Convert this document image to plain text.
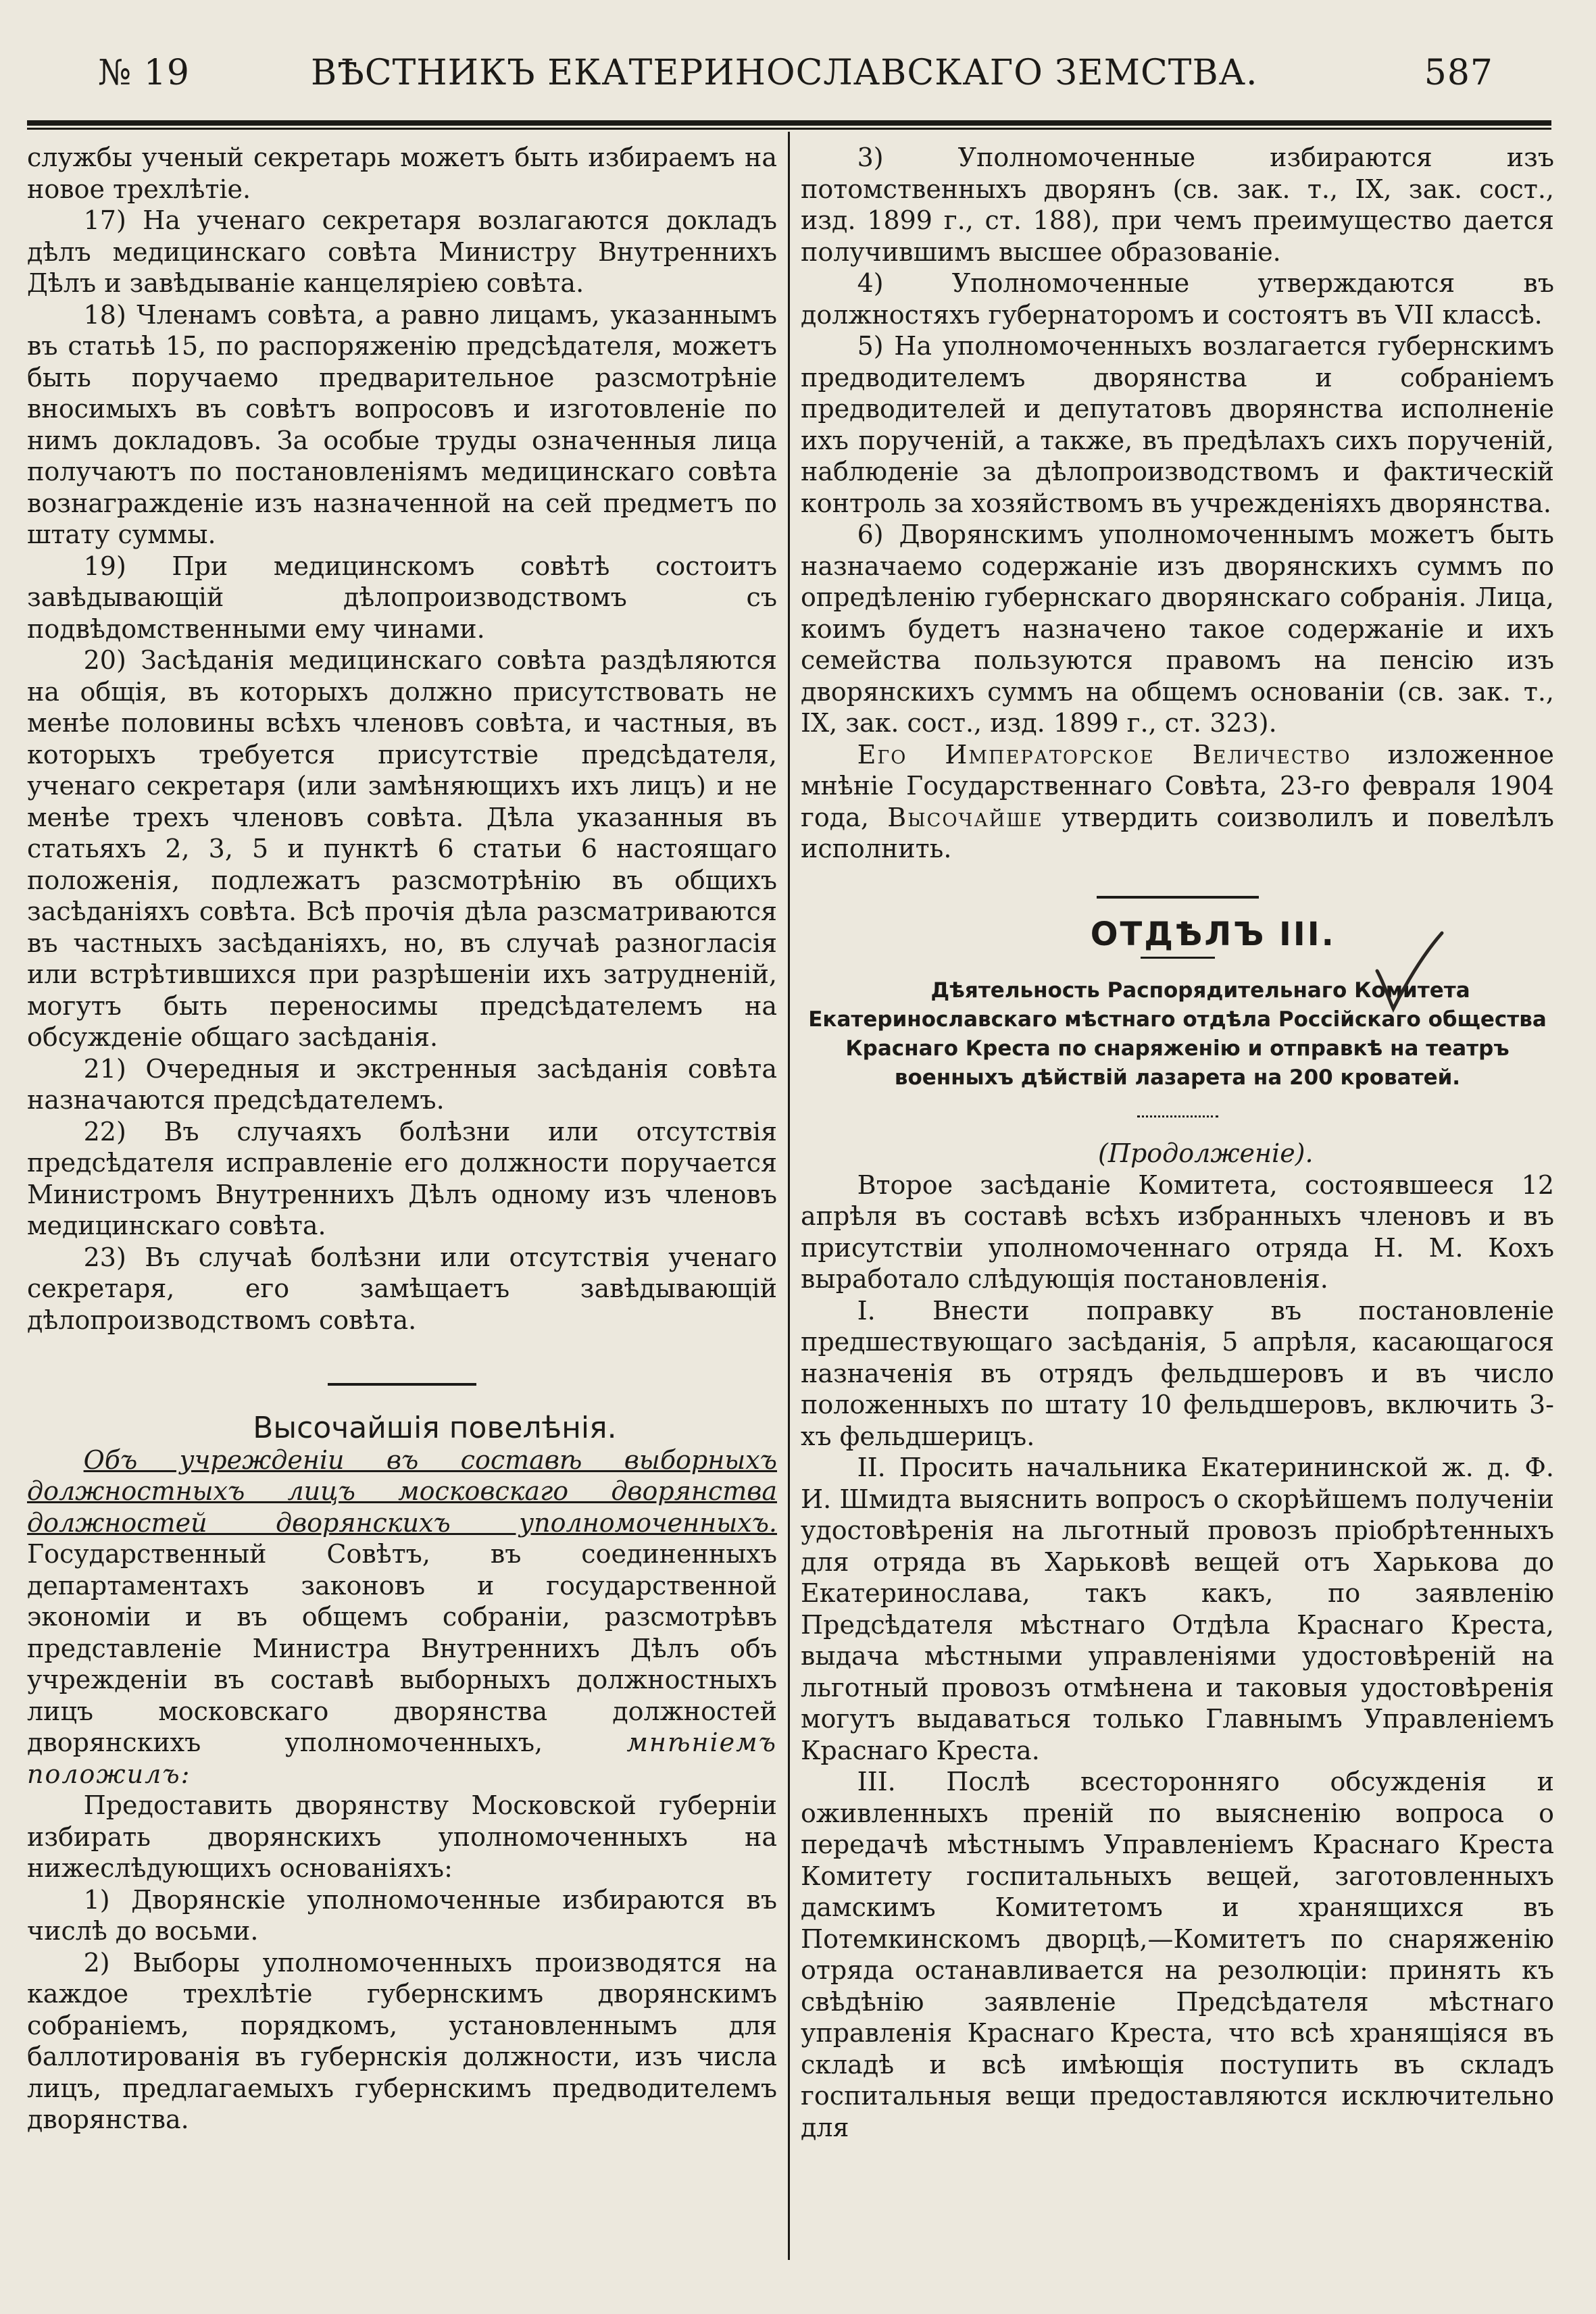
№ 19	ВѢСТНИКЪ ЕКАТЕРИНОСЛАВСКАГО ЗЕМСТВА.	587

службы ученый секретарь можетъ быть избираемъ на новое трехлѣтіе.

17) На ученаго секретаря возлагаются докладъ дѣлъ медицинскаго совѣта Министру Внутреннихъ Дѣлъ и завѣдываніе канцеляріею совѣта.

18) Членамъ совѣта, а равно лицамъ, указаннымъ въ статьѣ 15, по распоряженію предсѣдателя, можетъ быть поручаемо предварительное разсмотрѣніе вносимыхъ въ совѣтъ вопросовъ и изготовленіе по нимъ докладовъ. За особые труды означенныя лица получаютъ по постановленіямъ медицинскаго совѣта вознагражденіе изъ назначенной на сей предметъ по штату суммы.

19) При медицинскомъ совѣтѣ состоитъ завѣдывающій дѣлопроизводствомъ съ подвѣдомственными ему чинами.

20) Засѣданія медицинскаго совѣта раздѣляются на общія, въ которыхъ должно присутствовать не менѣе половины всѣхъ членовъ совѣта, и частныя, въ которыхъ требуется присутствіе предсѣдателя, ученаго секретаря (или замѣняющихъ ихъ лицъ) и не менѣе трехъ членовъ совѣта. Дѣла указанныя въ статьяхъ 2, 3, 5 и пунктѣ 6 статьи 6 настоящаго положенія, подлежатъ разсмотрѣнію въ общихъ засѣданіяхъ совѣта. Всѣ прочія дѣла разсматриваются въ частныхъ засѣданіяхъ, но, въ случаѣ разногласія или встрѣтившихся при разрѣшеніи ихъ затрудненій, могутъ быть переносимы предсѣдателемъ на обсужденіе общаго засѣданія.

21) Очередныя и экстренныя засѣданія совѣта назначаются предсѣдателемъ.

22) Въ случаяхъ болѣзни или отсутствія предсѣдателя исправленіе его должности поручается Министромъ Внутреннихъ Дѣлъ одному изъ членовъ медицинскаго совѣта.

23) Въ случаѣ болѣзни или отсутствія ученаго секретаря, его замѣщаетъ завѣдывающій дѣлопроизводствомъ совѣта.

Высочайшія повелѣнія.

Объ учрежденіи въ составѣ выборныхъ должностныхъ лицъ московскаго дворянства должностей дворянскихъ уполномоченныхъ. Государственный Совѣтъ, въ соединенныхъ департаментахъ законовъ и государственной экономіи и въ общемъ собраніи, разсмотрѣвъ представленіе Министра Внутреннихъ Дѣлъ объ учрежденіи въ составѣ выборныхъ должностныхъ лицъ московскаго дворянства должностей дворянскихъ уполномоченныхъ,	мнѣніемъ положилъ:

Предоставить дворянству Московской губерніи избирать дворянскихъ уполномоченныхъ на нижеслѣдующихъ основаніяхъ:

1) Дворянскіе уполномоченные избираются въ числѣ до восьми.

2) Выборы уполномоченныхъ производятся на каждое трехлѣтіе губернскимъ дворянскимъ собраніемъ, порядкомъ, установленнымъ для баллотированія въ губернскія должности, изъ числа лицъ, предлагаемыхъ губернскимъ предводителемъ дворянства.

3) Уполномоченные избираются изъ потомственныхъ дворянъ (св. зак. т., IX, зак. сост., изд. 1899 г., ст. 188), при чемъ преимущество дается получившимъ высшее образованіе.

4) Уполномоченные утверждаются въ должностяхъ губернаторомъ и состоятъ въ VII классѣ.

5) На уполномоченныхъ возлагается губернскимъ предводителемъ дворянства и собраніемъ предводителей и депутатовъ дворянства исполненіе ихъ порученій, а также, въ предѣлахъ сихъ порученій, наблюденіе за дѣлопроизводствомъ и фактическій контроль за хозяйствомъ въ учрежденіяхъ дворянства.

6) Дворянскимъ уполномоченнымъ можетъ быть назначаемо содержаніе изъ дворянскихъ суммъ по опредѣленію губернскаго дворянскаго собранія. Лица, коимъ будетъ назначено такое содержаніе и ихъ семейства пользуются правомъ на пенсію изъ дворянскихъ суммъ на общемъ основаніи (св. зак. т., IX, зак. сост., изд. 1899 г., ст. 323).

Его Императорское Величество изложенное мнѣніе Государственнаго Совѣта, 23-го февраля 1904 года, Высочайше утвердить соизволилъ и повелѣлъ исполнить.

ОТДѢЛЪ III.

Дѣятельность Распорядительнаго Комитета Екатеринославскаго мѣстнаго отдѣла Россійскаго общества Краснаго Креста по снаряженію и отправкѣ на театръ военныхъ дѣйствій лазарета на 200 кроватей.

(Продолженіе).

Второе засѣданіе Комитета, состоявшееся 12 апрѣля въ составѣ всѣхъ избранныхъ членовъ и въ присутствіи уполномоченнаго отряда Н. М. Кохъ выработало слѣдующія постановленія.

I. Внести поправку въ постановленіе предшествующаго засѣданія, 5 апрѣля, касающагося назначенія въ отрядъ фельдшеровъ и въ число положенныхъ по штату 10 фельдшеровъ, включить 3-хъ фельдшерицъ.

II. Просить начальника Екатерининской ж. д. Ф. И. Шмидта выяснить вопросъ о скорѣйшемъ полученіи удостовѣренія на льготный провозъ пріобрѣтенныхъ для отряда въ Харьковѣ вещей отъ Харькова до Екатеринослава, такъ какъ, по заявленію Предсѣдателя мѣстнаго Отдѣла Краснаго Креста, выдача мѣстными управленіями удостовѣреній на льготный провозъ отмѣнена и таковыя удостовѣренія могутъ выдаваться только Главнымъ Управленіемъ Краснаго Креста.

III. Послѣ всесторонняго обсужденія и оживленныхъ преній по выясненію вопроса о передачѣ мѣстнымъ Управленіемъ Краснаго Креста Комитету госпитальныхъ вещей, заготовленныхъ дамскимъ Комитетомъ и хранящихся въ Потемкинскомъ дворцѣ,—Комитетъ по снаряженію отряда останавливается на резолюціи: принять къ свѣдѣнію заявленіе Предсѣдателя мѣстнаго управленія Краснаго Креста, что всѣ хранящіяся въ складѣ и всѣ имѣющія поступить въ складъ госпитальныя вещи предоставляются исключительно для
